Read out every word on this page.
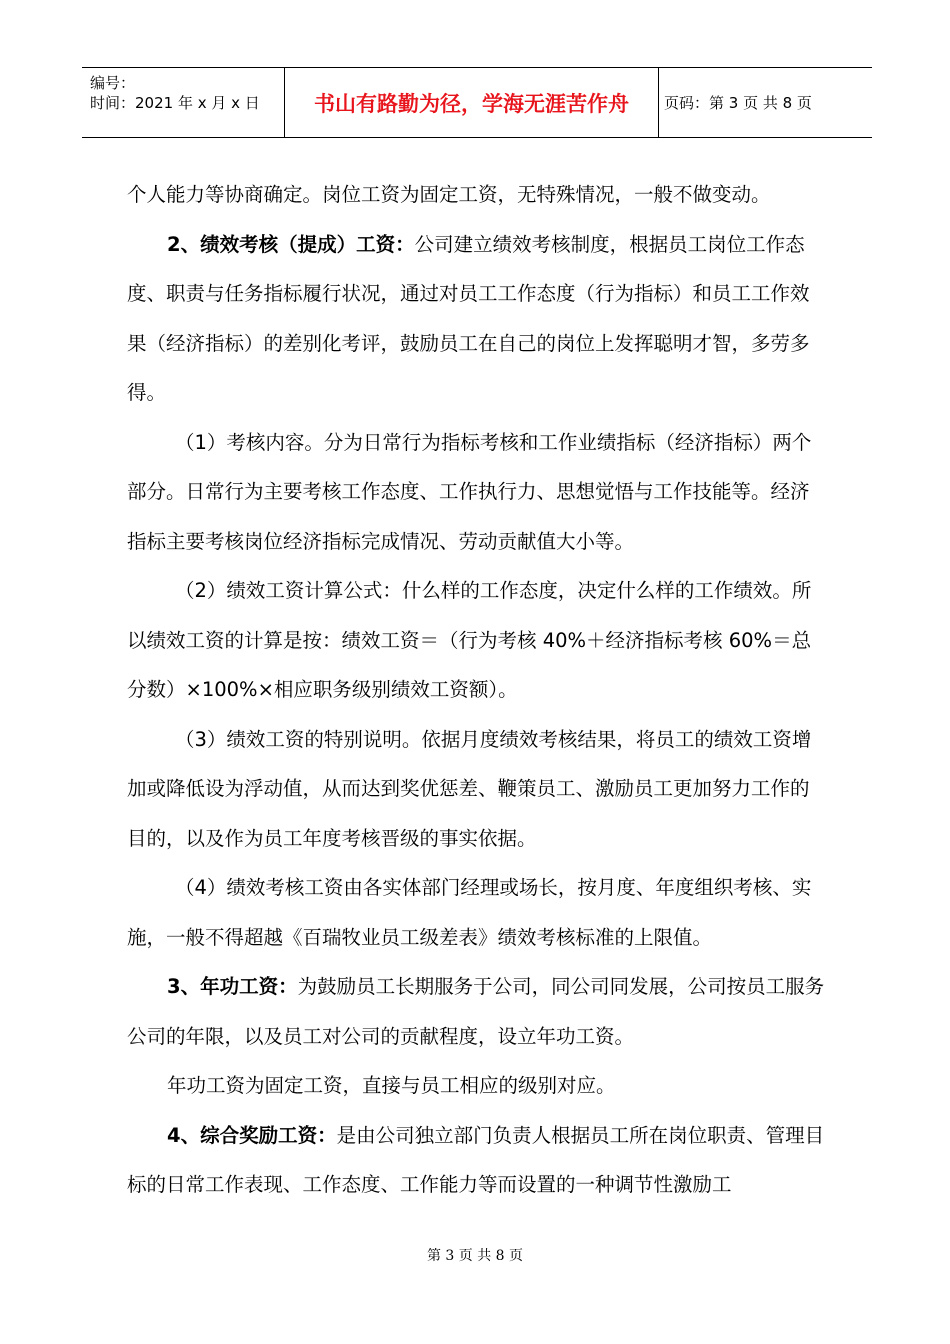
编号：
时间：2021 年 x 月 x 日	书山有路勤为径，学海无涯苦作舟	页码：第 3 页 共 8 页

个人能力等协商确定。岗位工资为固定工资，无特殊情况，一般不做变动。

2、绩效考核（提成）工资：公司建立绩效考核制度，根据员工岗位工作态度、职责与任务指标履行状况，通过对员工工作态度（行为指标）和员工工作效果（经济指标）的差别化考评，鼓励员工在自己的岗位上发挥聪明才智，多劳多得。

（1）考核内容。分为日常行为指标考核和工作业绩指标（经济指标）两个部分。日常行为主要考核工作态度、工作执行力、思想觉悟与工作技能等。经济指标主要考核岗位经济指标完成情况、劳动贡献值大小等。

（2）绩效工资计算公式：什么样的工作态度，决定什么样的工作绩效。所以绩效工资的计算是按：绩效工资＝（行为考核 40%＋经济指标考核 60%＝总分数）×100%×相应职务级别绩效工资额）。

（3）绩效工资的特别说明。依据月度绩效考核结果，将员工的绩效工资增加或降低设为浮动值，从而达到奖优惩差、鞭策员工、激励员工更加努力工作的目的，以及作为员工年度考核晋级的事实依据。

（4）绩效考核工资由各实体部门经理或场长，按月度、年度组织考核、实施，一般不得超越《百瑞牧业员工级差表》绩效考核标准的上限值。

3、年功工资：为鼓励员工长期服务于公司，同公司同发展，公司按员工服务公司的年限，以及员工对公司的贡献程度，设立年功工资。

年功工资为固定工资，直接与员工相应的级别对应。

4、综合奖励工资：是由公司独立部门负责人根据员工所在岗位职责、管理目标的日常工作表现、工作态度、工作能力等而设置的一种调节性激励工

第 3 页 共 8 页
